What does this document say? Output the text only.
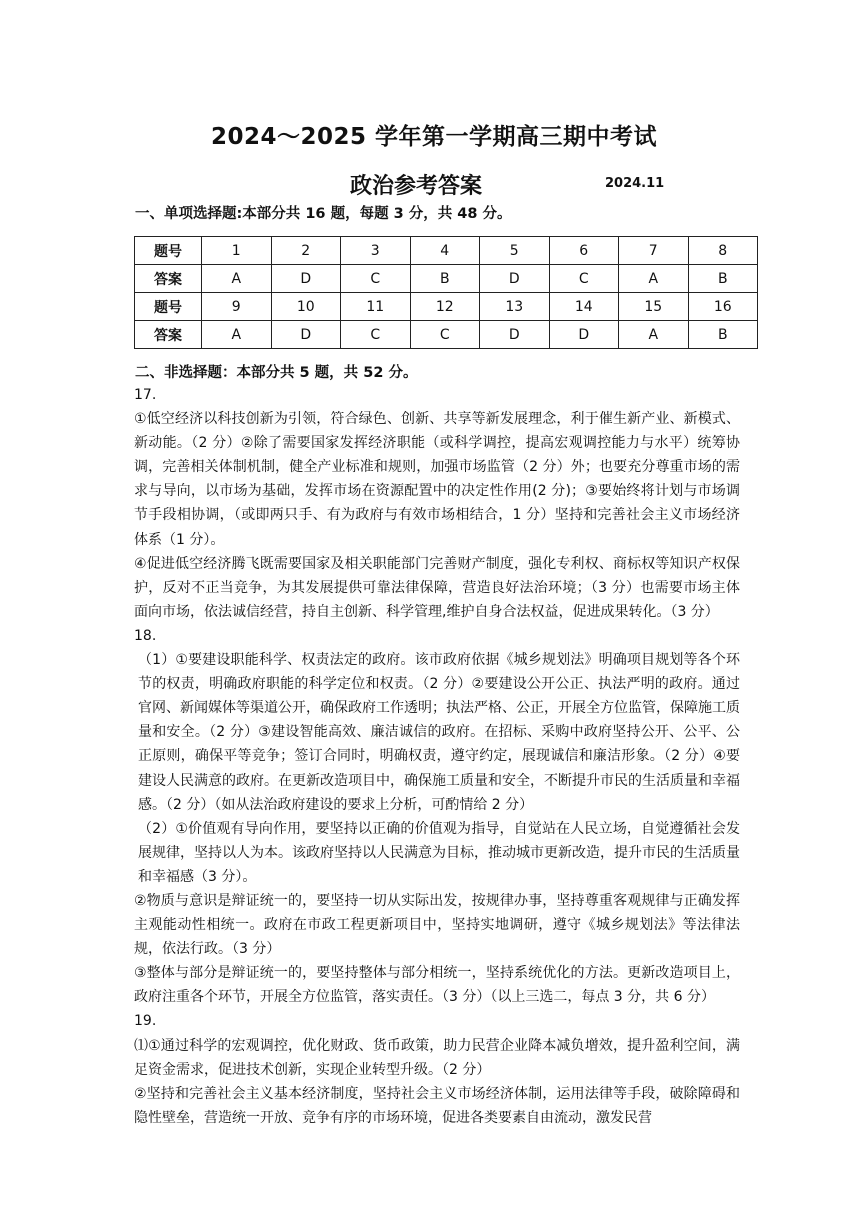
2024～2025 学年第一学期高三期中考试
政治参考答案	2024.11
一、单项选择题:本部分共 16 题，每题 3 分，共 48 分。
题号	1	2	3	4	5	6	7	8
答案	A	D	C	B	D	C	A	B
题号	9	10	11	12	13	14	15	16
答案	A	D	C	C	D	D	A	B
二、非选择题：本部分共 5 题，共 52 分。

17.

①低空经济以科技创新为引领，符合绿色、创新、共享等新发展理念，利于催生新产业、新模式、新动能。（2 分）②除了需要国家发挥经济职能（或科学调控，提高宏观调控能力与水平）统筹协调，完善相关体制机制，健全产业标准和规则，加强市场监管（2 分）外；也要充分尊重市场的需求与导向，以市场为基础，发挥市场在资源配置中的决定性作用(2 分)；③要始终将计划与市场调节手段相协调，（或即两只手、有为政府与有效市场相结合，1 分）坚持和完善社会主义市场经济体系（1 分）。

④促进低空经济腾飞既需要国家及相关职能部门完善财产制度，强化专利权、商标权等知识产权保护，反对不正当竞争，为其发展提供可靠法律保障，营造良好法治环境；（3 分）也需要市场主体面向市场，依法诚信经营，持自主创新、科学管理,维护自身合法权益，促进成果转化。（3 分）

18.

（1）①要建设职能科学、权责法定的政府。该市政府依据《城乡规划法》明确项目规划等各个环节的权责，明确政府职能的科学定位和权责。（2 分）②要建设公开公正、执法严明的政府。通过官网、新闻媒体等渠道公开，确保政府工作透明；执法严格、公正，开展全方位监管，保障施工质量和安全。（2 分）③建设智能高效、廉洁诚信的政府。在招标、采购中政府坚持公开、公平、公正原则，确保平等竞争；签订合同时，明确权责，遵守约定，展现诚信和廉洁形象。（2 分）④要建设人民满意的政府。在更新改造项目中，确保施工质量和安全，不断提升市民的生活质量和幸福感。（2 分）（如从法治政府建设的要求上分析，可酌情给 2 分）

（2）①价值观有导向作用，要坚持以正确的价值观为指导，自觉站在人民立场，自觉遵循社会发展规律，坚持以人为本。该政府坚持以人民满意为目标，推动城市更新改造，提升市民的生活质量和幸福感（3 分）。

②物质与意识是辩证统一的，要坚持一切从实际出发，按规律办事，坚持尊重客观规律与正确发挥主观能动性相统一。政府在市政工程更新项目中，坚持实地调研，遵守《城乡规划法》等法律法规，依法行政。（3 分）

③整体与部分是辩证统一的，要坚持整体与部分相统一，坚持系统优化的方法。更新改造项目上，政府注重各个环节，开展全方位监管，落实责任。（3 分）（以上三选二，每点 3 分，共 6 分）

19.

⑴①通过科学的宏观调控，优化财政、货币政策，助力民营企业降本减负增效，提升盈利空间，满足资金需求，促进技术创新，实现企业转型升级。（2 分）

②坚持和完善社会主义基本经济制度，坚持社会主义市场经济体制，运用法律等手段，破除障碍和隐性壁垒，营造统一开放、竞争有序的市场环境，促进各类要素自由流动，激发民营
